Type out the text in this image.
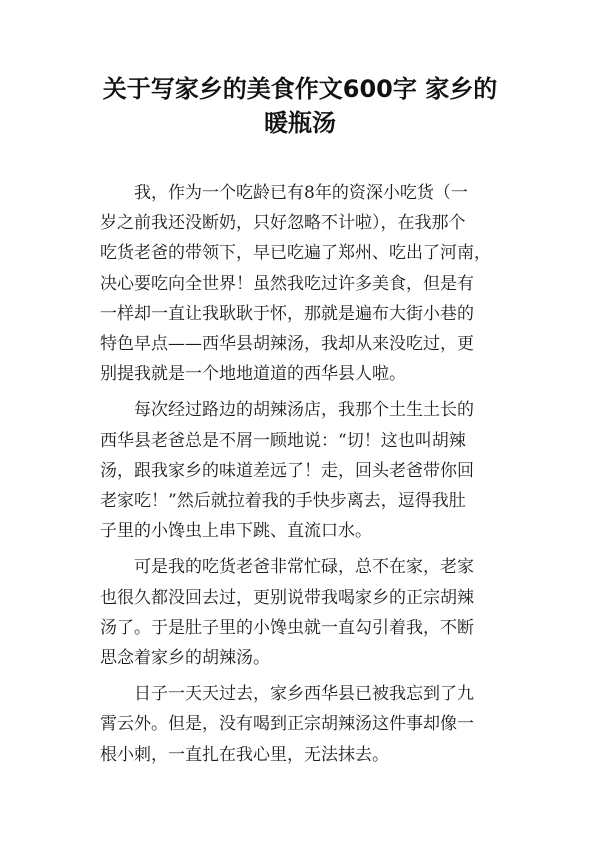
关于写家乡的美食作文600字 家乡的
暖瓶汤

我，作为一个吃龄已有8年的资深小吃货（一
岁之前我还没断奶，只好忽略不计啦），在我那个
吃货老爸的带领下，早已吃遍了郑州、吃出了河南，
决心要吃向全世界！虽然我吃过许多美食，但是有
一样却一直让我耿耿于怀，那就是遍布大街小巷的
特色早点——西华县胡辣汤，我却从来没吃过，更
别提我就是一个地地道道的西华县人啦。

每次经过路边的胡辣汤店，我那个土生土长的
西华县老爸总是不屑一顾地说：“切！这也叫胡辣
汤，跟我家乡的味道差远了！走，回头老爸带你回
老家吃！”然后就拉着我的手快步离去，逗得我肚
子里的小馋虫上串下跳、直流口水。

可是我的吃货老爸非常忙碌，总不在家，老家
也很久都没回去过，更别说带我喝家乡的正宗胡辣
汤了。于是肚子里的小馋虫就一直勾引着我，不断
思念着家乡的胡辣汤。

日子一天天过去，家乡西华县已被我忘到了九
霄云外。但是，没有喝到正宗胡辣汤这件事却像一
根小刺，一直扎在我心里，无法抹去。
